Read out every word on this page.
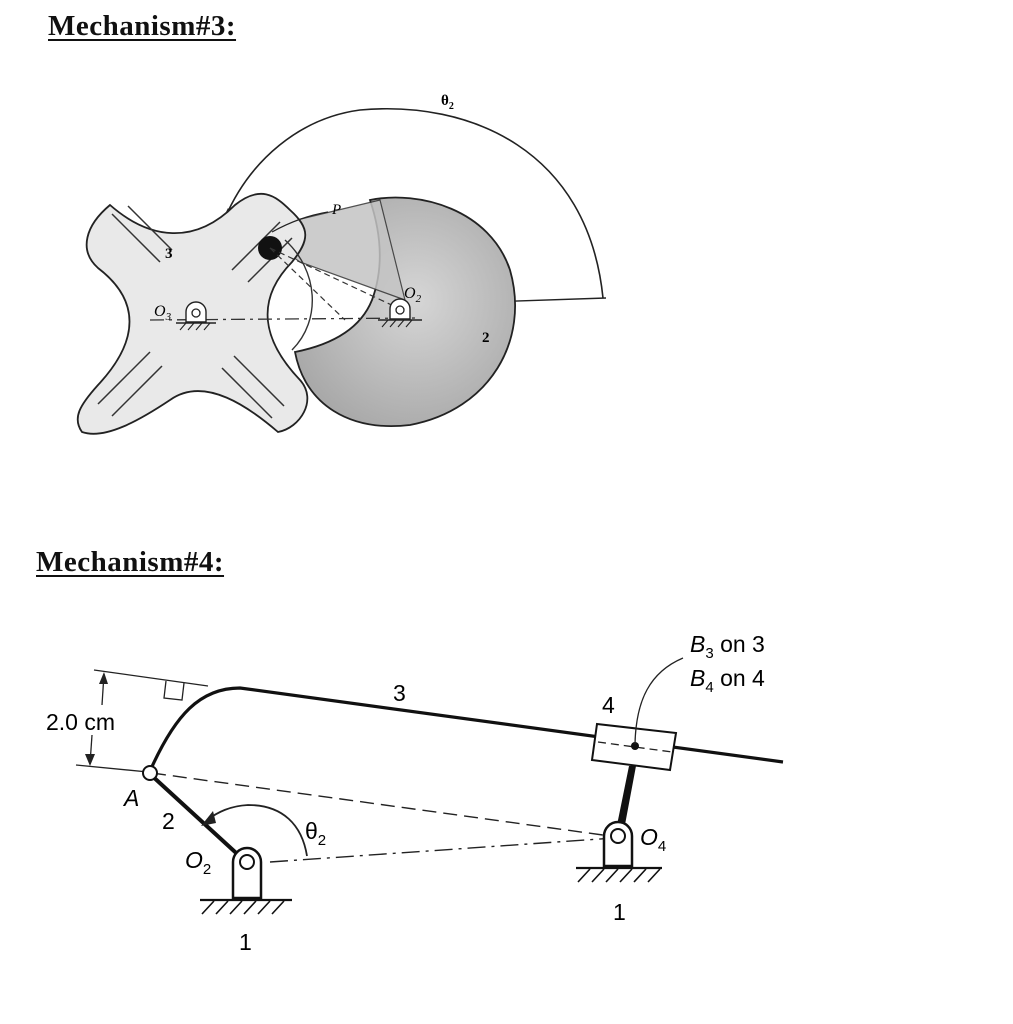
Mechanism#3:
Mechanism#4:
$\theta_2$
P
3
2
$O_3$
$O_2$
$B_3$ on 3
$B_4$ on 4
3	4
2.0 cm
A
2	$\theta_2$
$O_2$
$O_4$
1
1
